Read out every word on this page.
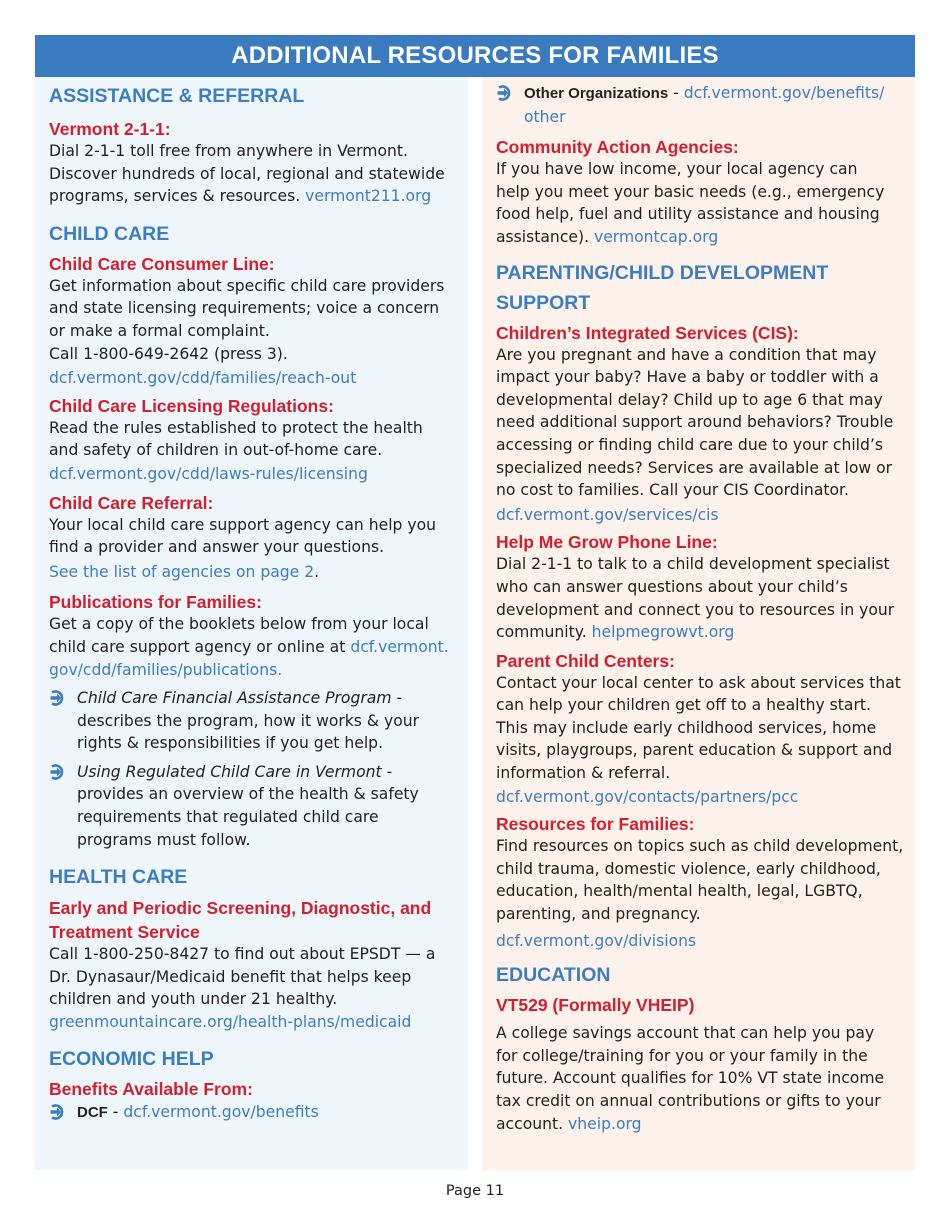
ADDITIONAL RESOURCES FOR FAMILIES
ASSISTANCE & REFERRAL
Vermont 2-1-1:
Dial 2-1-1 toll free from anywhere in Vermont.
Discover hundreds of local, regional and statewide
programs, services & resources. vermont211.org
CHILD CARE
Child Care Consumer Line:
Get information about specific child care providers
and state licensing requirements; voice a concern
or make a formal complaint.
Call 1-800-649-2642 (press 3).
dcf.vermont.gov/cdd/families/reach-out
Child Care Licensing Regulations:
Read the rules established to protect the health
and safety of children in out-of-home care.
dcf.vermont.gov/cdd/laws-rules/licensing
Child Care Referral:
Your local child care support agency can help you
find a provider and answer your questions.
See the list of agencies on page 2.
Publications for Families:
Get a copy of the booklets below from your local
child care support agency or online at dcf.vermont.
gov/cdd/families/publications.
Child Care Financial Assistance Program -
describes the program, how it works & your
rights & responsibilities if you get help.
Using Regulated Child Care in Vermont -
provides an overview of the health & safety
requirements that regulated child care
programs must follow.
HEALTH CARE
Early and Periodic Screening, Diagnostic, and
Treatment Service
Call 1-800-250-8427 to find out about EPSDT — a
Dr. Dynasaur/Medicaid benefit that helps keep
children and youth under 21 healthy.
greenmountaincare.org/health-plans/medicaid
ECONOMIC HELP
Benefits Available From:
DCF - dcf.vermont.gov/benefits
Other Organizations - dcf.vermont.gov/benefits/
other
Community Action Agencies:
If you have low income, your local agency can
help you meet your basic needs (e.g., emergency
food help, fuel and utility assistance and housing
assistance). vermontcap.org
PARENTING/CHILD DEVELOPMENT
SUPPORT
Children’s Integrated Services (CIS):
Are you pregnant and have a condition that may
impact your baby? Have a baby or toddler with a
developmental delay? Child up to age 6 that may
need additional support around behaviors? Trouble
accessing or finding child care due to your child’s
specialized needs? Services are available at low or
no cost to families. Call your CIS Coordinator.
dcf.vermont.gov/services/cis
Help Me Grow Phone Line:
Dial 2-1-1 to talk to a child development specialist
who can answer questions about your child’s
development and connect you to resources in your
community. helpmegrowvt.org
Parent Child Centers:
Contact your local center to ask about services that
can help your children get off to a healthy start.
This may include early childhood services, home
visits, playgroups, parent education & support and
information & referral.
dcf.vermont.gov/contacts/partners/pcc
Resources for Families:
Find resources on topics such as child development,
child trauma, domestic violence, early childhood,
education, health/mental health, legal, LGBTQ,
parenting, and pregnancy.
dcf.vermont.gov/divisions
EDUCATION
VT529 (Formally VHEIP)
A college savings account that can help you pay
for college/training for you or your family in the
future. Account qualifies for 10% VT state income
tax credit on annual contributions or gifts to your
account. vheip.org
Page 11
